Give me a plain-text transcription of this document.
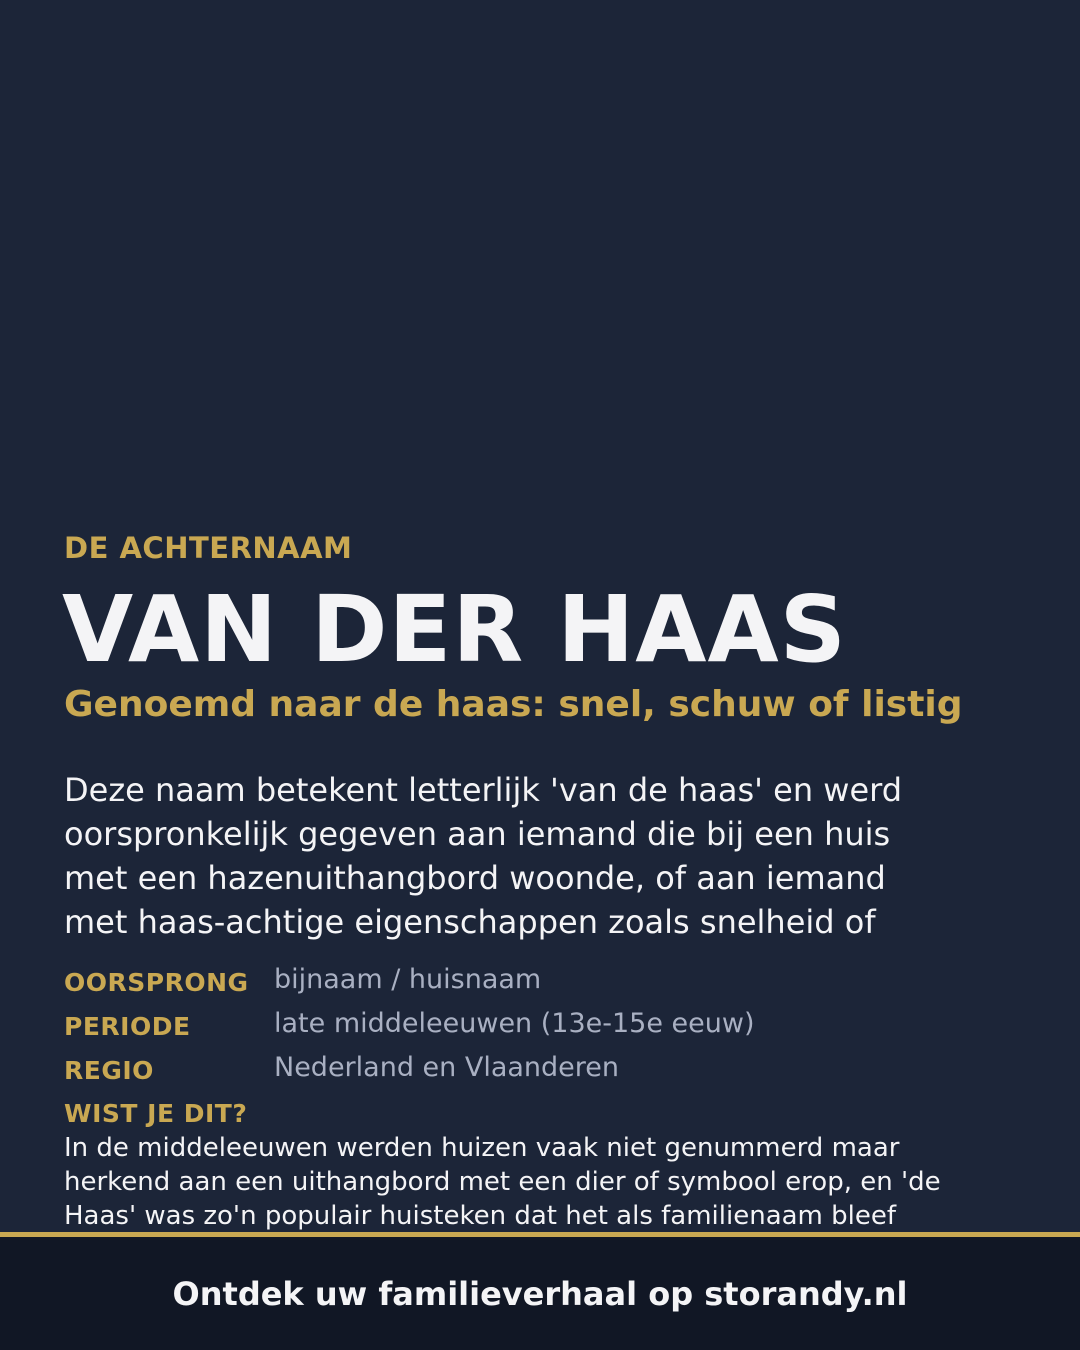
DE ACHTERNAAM
VAN DER HAAS
Genoemd naar de haas: snel, schuw of listig
Deze naam betekent letterlijk 'van de haas' en werd
oorspronkelijk gegeven aan iemand die bij een huis
met een hazenuithangbord woonde, of aan iemand
met haas-achtige eigenschappen zoals snelheid of
OORSPRONG bijnaam / huisnaam
PERIODE	late middeleeuwen (13e-15e eeuw)
REGIO	Nederland en Vlaanderen
WIST JE DIT?
In de middeleeuwen werden huizen vaak niet genummerd maar
herkend aan een uithangbord met een dier of symbool erop, en 'de
Haas' was zo'n populair huisteken dat het als familienaam bleef
Ontdek uw familieverhaal op storandy.nl
